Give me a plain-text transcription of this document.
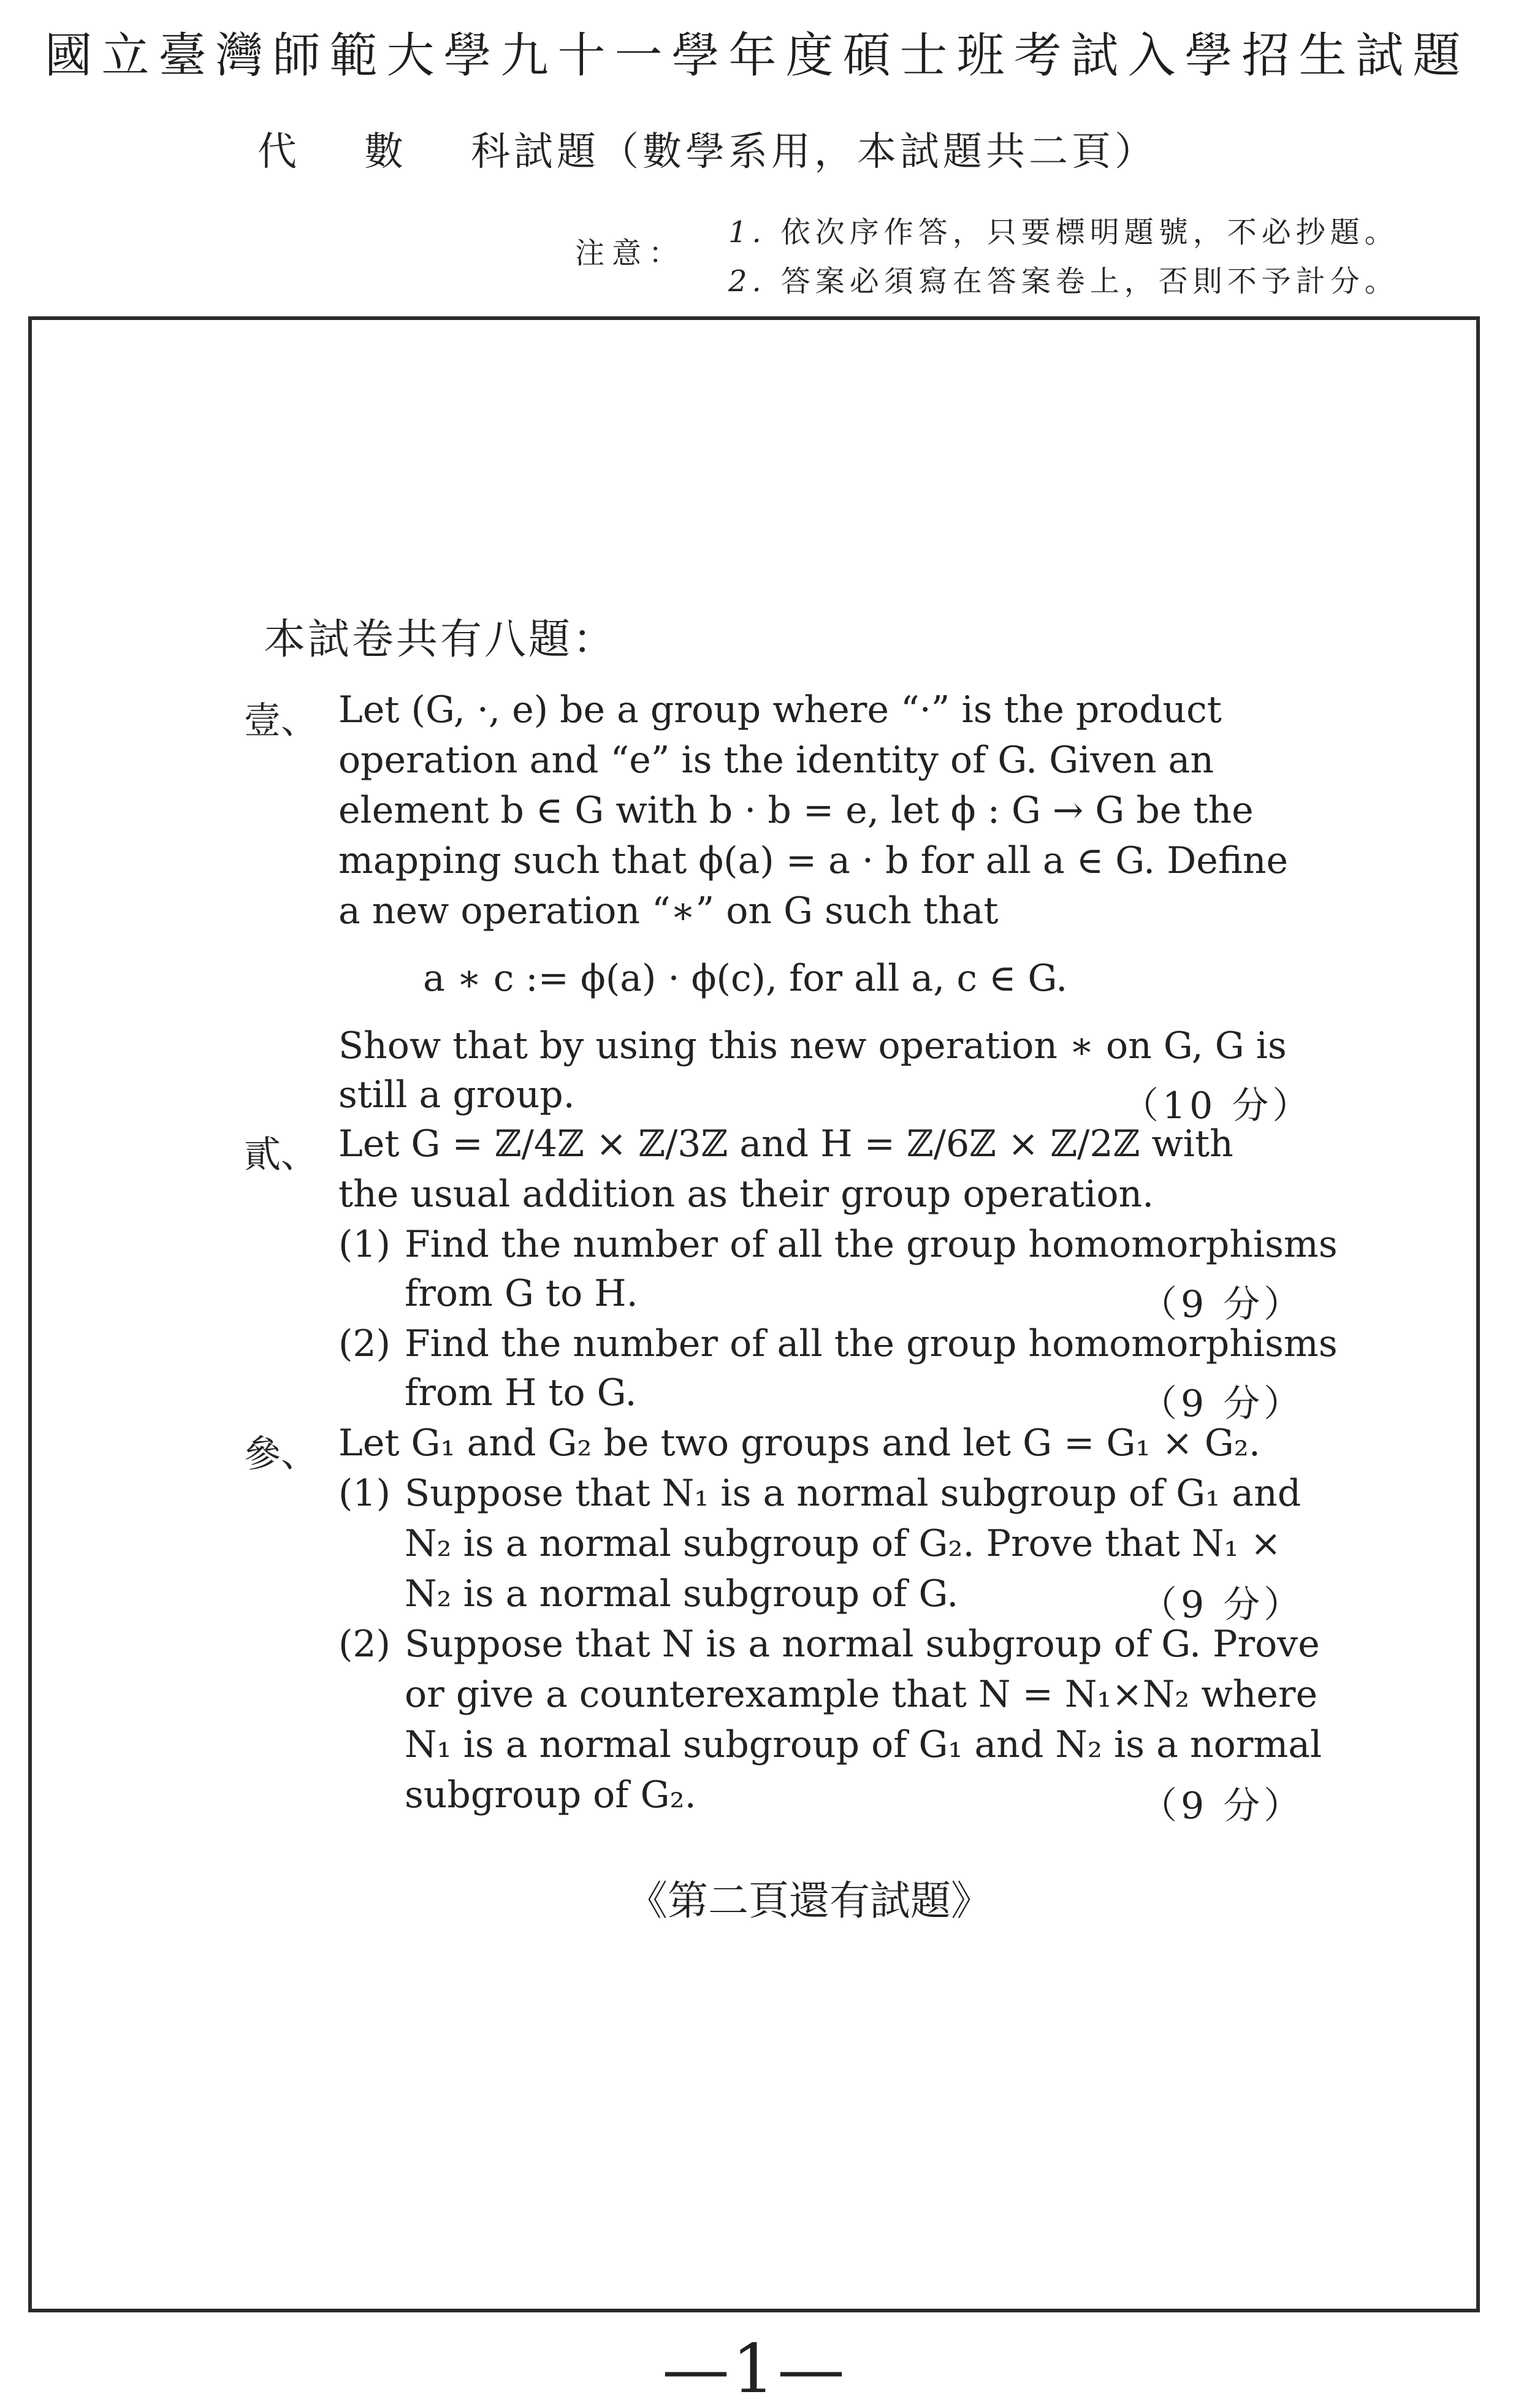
國立臺灣師範大學九十一學年度碩士班考試入學招生試題
代數科試題（數學系用，本試題共二頁）
注意：
1. 依次序作答，只要標明題號，不必抄題。
2. 答案必須寫在答案卷上，否則不予計分。
本試卷共有八題：
壹、 Let (G, ·, e) be a group where “·” is the product
operation and “e” is the identity of G. Given an
element b ∈ G with b · b = e, let ϕ : G → G be the
mapping such that ϕ(a) = a · b for all a ∈ G. Define
a new operation “∗” on G such that
a ∗ c := ϕ(a) · ϕ(c), for all a, c ∈ G.
Show that by using this new operation ∗ on G, G is
still a group.	（10 分）
貳、 Let G = ℤ/4ℤ × ℤ/3ℤ and H = ℤ/6ℤ × ℤ/2ℤ with
the usual addition as their group operation.
(1) Find the number of all the group homomorphisms
from G to H.	（9 分）
(2) Find the number of all the group homomorphisms
from H to G.	（9 分）
參、 Let G₁ and G₂ be two groups and let G = G₁ × G₂.
(1) Suppose that N₁ is a normal subgroup of G₁ and
N₂ is a normal subgroup of G₂. Prove that N₁ ×
N₂ is a normal subgroup of G.	（9 分）
(2) Suppose that N is a normal subgroup of G. Prove
or give a counterexample that N = N₁×N₂ where
N₁ is a normal subgroup of G₁ and N₂ is a normal
subgroup of G₂.	（9 分）
《第二頁還有試題》
—1—
